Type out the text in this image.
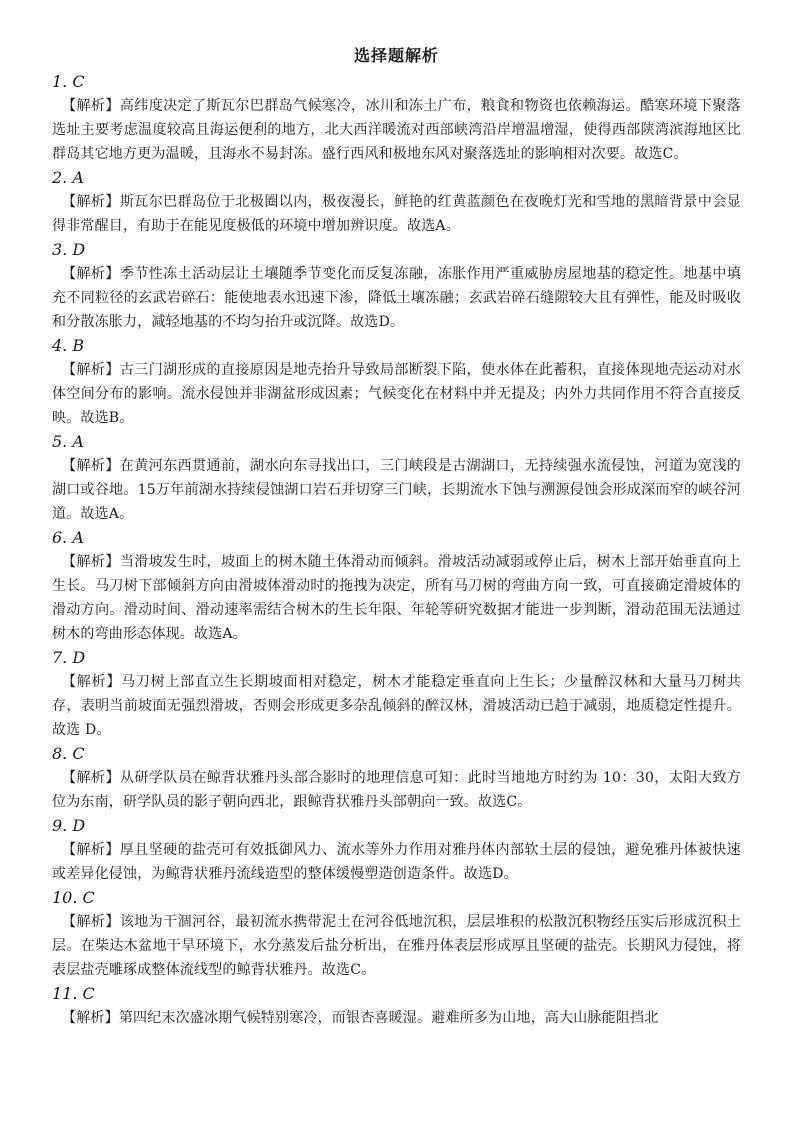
选择题解析
1. C

【解析】高纬度决定了斯瓦尔巴群岛气候寒冷，冰川和冻土广布，粮食和物资也依赖海运。酷寒环境下聚落选址主要考虑温度较高且海运便利的地方，北大西洋暖流对西部峡湾沿岸增温增湿，使得西部陕湾滨海地区比群岛其它地方更为温暖，且海水不易封冻。盛行西风和极地东风对聚落选址的影响相对次要。故选C。

2. A

【解析】斯瓦尔巴群岛位于北极圈以内，极夜漫长，鲜艳的红黄蓝颜色在夜晚灯光和雪地的黑暗背景中会显得非常醒目，有助于在能见度极低的环境中增加辨识度。故选A。

3. D

【解析】季节性冻土活动层让土壤随季节变化而反复冻融，冻胀作用严重威胁房屋地基的稳定性。地基中填充不同粒径的玄武岩碎石：能使地表水迅速下渗，降低土壤冻融；玄武岩碎石缝隙较大且有弹性，能及时吸收和分散冻胀力，减轻地基的不均匀抬升或沉降。故选D。

4. B

【解析】古三门湖形成的直接原因是地壳抬升导致局部断裂下陷，使水体在此蓄积，直接体现地壳运动对水体空间分布的影响。流水侵蚀并非湖盆形成因素；气候变化在材料中并无提及；内外力共同作用不符合直接反映。故选B。

5. A

【解析】在黄河东西贯通前，湖水向东寻找出口，三门峡段是古湖湖口，无持续强水流侵蚀，河道为宽浅的湖口或谷地。15万年前湖水持续侵蚀湖口岩石并切穿三门峡，长期流水下蚀与溯源侵蚀会形成深而窄的峡谷河道。故选A。

6. A

【解析】当滑坡发生时，坡面上的树木随土体滑动而倾斜。滑坡活动减弱或停止后，树木上部开始垂直向上生长。马刀树下部倾斜方向由滑坡体滑动时的拖拽为决定，所有马刀树的弯曲方向一致，可直接确定滑坡体的滑动方向。滑动时间、滑动速率需结合树木的生长年限、年轮等研究数据才能进一步判断，滑动范围无法通过树木的弯曲形态体现。故选A。

7. D

【解析】马刀树上部直立生长期坡面相对稳定，树木才能稳定垂直向上生长；少量醉汉林和大量马刀树共存，表明当前坡面无强烈滑坡，否则会形成更多杂乱倾斜的醉汉林，滑坡活动已趋于减弱，地质稳定性提升。故选 D。

8. C

【解析】从研学队员在鲸背状雅丹头部合影时的地理信息可知：此时当地地方时约为 10：30，太阳大致方位为东南，研学队员的影子朝向西北，跟鲸背状雅丹头部朝向一致。故选C。

9. D

【解析】厚且坚硬的盐壳可有效抵御风力、流水等外力作用对雅丹体内部软土层的侵蚀，避免雅丹体被快速或差异化侵蚀，为鲸背状雅丹流线造型的整体缓慢塑造创造条件。故选D。

10. C

【解析】该地为干涸河谷，最初流水携带泥土在河谷低地沉积，层层堆积的松散沉积物经压实后形成沉积土层。在柴达木盆地干旱环境下，水分蒸发后盐分析出，在雅丹体表层形成厚且坚硬的盐壳。长期风力侵蚀，将表层盐壳雕琢成整体流线型的鲸背状雅丹。故选C。

11. C

【解析】第四纪末次盛冰期气候特别寒冷，而银杏喜暖湿。避难所多为山地，高大山脉能阻挡北
